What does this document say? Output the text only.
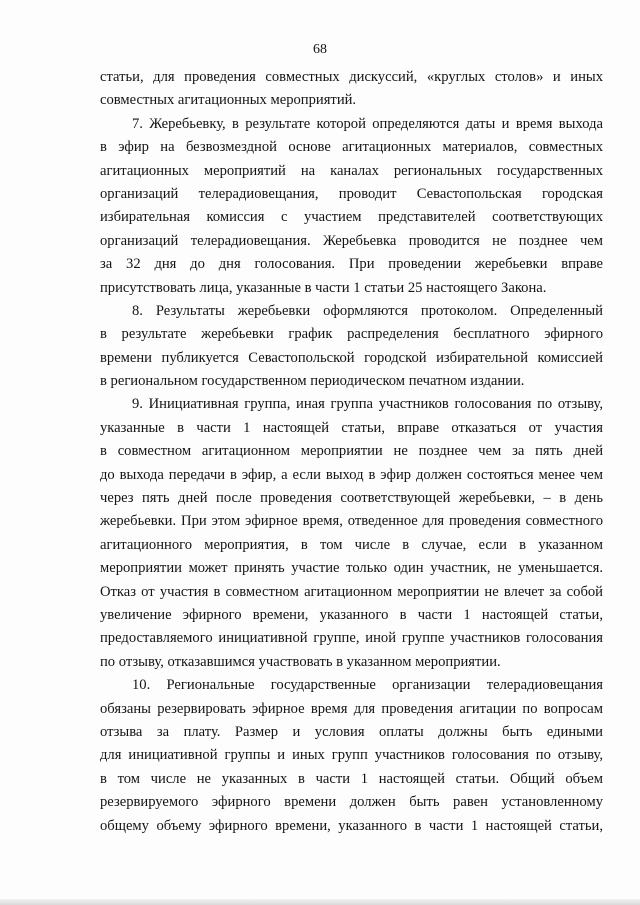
68
статьи, для проведения совместных дискуссий, «круглых столов» и иных
совместных агитационных мероприятий.
7. Жеребьевку, в результате которой определяются даты и время выхода
в эфир на безвозмездной основе агитационных материалов, совместных
агитационных мероприятий на каналах региональных государственных
организаций телерадиовещания, проводит Севастопольская городская
избирательная комиссия с участием представителей соответствующих
организаций телерадиовещания. Жеребьевка проводится не позднее чем
за 32 дня до дня голосования. При проведении жеребьевки вправе
присутствовать лица, указанные в части 1 статьи 25 настоящего Закона.
8. Результаты жеребьевки оформляются протоколом. Определенный
в результате жеребьевки график распределения бесплатного эфирного
времени публикуется Севастопольской городской избирательной комиссией
в региональном государственном периодическом печатном издании.
9. Инициативная группа, иная группа участников голосования по отзыву,
указанные в части 1 настоящей статьи, вправе отказаться от участия
в совместном агитационном мероприятии не позднее чем за пять дней
до выхода передачи в эфир, а если выход в эфир должен состояться менее чем
через пять дней после проведения соответствующей жеребьевки, – в день
жеребьевки. При этом эфирное время, отведенное для проведения совместного
агитационного мероприятия, в том числе в случае, если в указанном
мероприятии может принять участие только один участник, не уменьшается.
Отказ от участия в совместном агитационном мероприятии не влечет за собой
увеличение эфирного времени, указанного в части 1 настоящей статьи,
предоставляемого инициативной группе, иной группе участников голосования
по отзыву, отказавшимся участвовать в указанном мероприятии.
10. Региональные государственные организации телерадиовещания
обязаны резервировать эфирное время для проведения агитации по вопросам
отзыва за плату. Размер и условия оплаты должны быть едиными
для инициативной группы и иных групп участников голосования по отзыву,
в том числе не указанных в части 1 настоящей статьи. Общий объем
резервируемого эфирного времени должен быть равен установленному
общему объему эфирного времени, указанного в части 1 настоящей статьи,
